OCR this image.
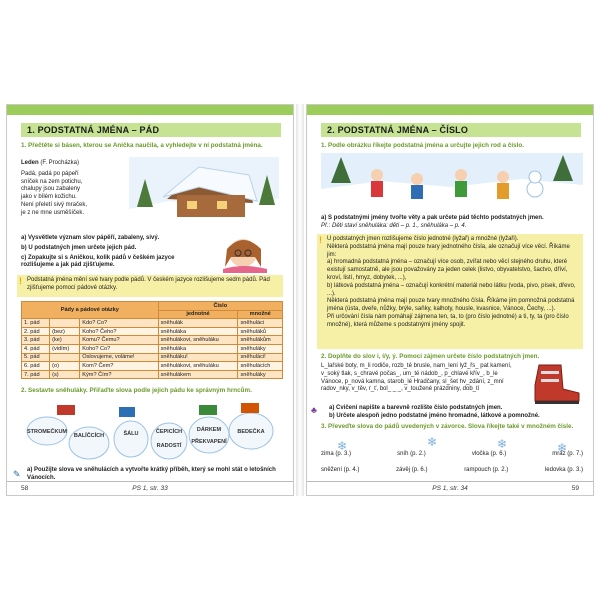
1. PODSTATNÁ JMÉNA – PÁD
1. Přečtěte si básen, kterou se Anička naučila, a vyhledejte v ní podstatná jména.
Leden (F. Procházka)
Padá, padá po pápeří
sníček na zem potichu,
chalupy jsou zabaleny
jako v bílém kožichu.
Není přeletí sivý mraček,
je z ne mne usměšíček.
a) Vysvětlete význam slov pápěří, zabaleny, sivý.
b) U podstatných jmen určete jejich pád.
c) Zopakujte si s Aničkou, kolik pádů v češkém jazyce rozlišujeme a jak pád zjišťujeme.
! Podstatná jména mění své tvary podle pádů. V českém jazyce rozlišujeme sedm pádů. Pád zjišťujeme pomocí pádové otázky.
Pády a pádové otázky			Číslo	
			jednotné	množné
1. pád		Kdo? Co?	sněhulák	sněhuláci
2. pád	(bez)	Koho? Čeho?	sněhuláka	sněhuláků
3. pád	(ke)	Komu? Čemu?	sněhulákovi, sněhuláku	sněhulákům
4. pád	(vidím)	Koho? Co?	sněhuláka	sněhuláky
5. pád		Oslovujeme, voláme!	sněhuláku!	sněhuláci!
6. pád	(o)	Kom? Čem?	sněhulákovi, sněhuláku	sněhulácích
7. pád	(s)	Kým? Čím?	sněhulákem	sněhuláky
2. Sestavte sněhuláky. Přiřaďte slova podle jejich pádu ke správným hrncům.
STROMEČKUM
BALÍČCÍCH	ŠÁLU	ČEPICÍCH
RADOSTÍ
DÁRKEM
PŘEKVAPENÍ
BEDEČKA
✎ a) Použijte slova ve sněhulácích a vytvořte krátký příběh, který se mohl stát o letošních Vánocích.
58	PS 1, str. 33
2. PODSTATNÁ JMÉNA – ČÍSLO
1. Podle obrázku říkejte podstatná jména a určujte jejich rod a číslo.
a) S podstatnými jmény tvořte věty a pak určete pád těchto podstatných jmen.
Př.: Děti staví sněhuláka: děti – p. 1., sněhuláka – p. 4.
! U podstatných jmen rozlišujeme číslo jednotné (lyžař) a množné (lyžaři).
Některá podstatná jména mají pouze tvary jednotného čísla, ale označují více věcí. Říkáme jim:
a) hromadná podstatná jména – označují více osob, zvířat nebo věcí stejného druhu, které existují samostatně, ale jsou považovány za jeden celek (listvo, obyvatelstvo, šactvo, dříví, kroví, listí, hmyz, dobytek, ...),
b) látková podstatná jména – označují konkrétní materiál nebo látku (voda, pivo, písek, dřevo, ...).
Některá podstatná jména mají pouze tvary množného čísla. Říkáme jim pomnožná podstatná jména (ústa, dveře, nůžky, brýle, saňky, kalhoty, housle, kvasnice, Vánoce, Čechy, ...).
Při určování čísla nám pomáhají zájmena ten, ta, to (pro číslo jednotné) a ti, ty, ta (pro číslo množné), která můžeme s podstatnými jmény spojit.
2. Doplňte do slov i, í/y, ý. Pomocí zájmen určete číslo podstatných jmen.
L_lařské boty, m_li rodiče, rozb_té brusle, nam_lení lyž_řs_ pat kamení, v_soký tlak, s_chravé počas_, um_té nádob_, p_chlavé křív_, b_le Vánoce, p_nová kamna, starob_lé Hradčany, sl_šet hv_zdání, z_mní radov_nky, v_těv, r_ť, bol_ _ _, v_toužené prázdniny, dob_tí
♣ a) Cvičení napište a barevně rozlište číslo podstatných jmen.
b) Určete alespoň jedno podstatné jméno hromadné, látkové a pomnožné.
3. Převeďte slova do pádů uvedených v závorce. Slova říkejte také v množném čísle.
❄	❄	❄	❄
zima (p. 3.)	sníh (p. 2.)	vločka (p. 6.)	mráz (p. 7.)
sněžení (p. 4.)	závěj (p. 6.)	rampouch (p. 2.)	ledovka (p. 3.)
PS 1, str. 34	59
